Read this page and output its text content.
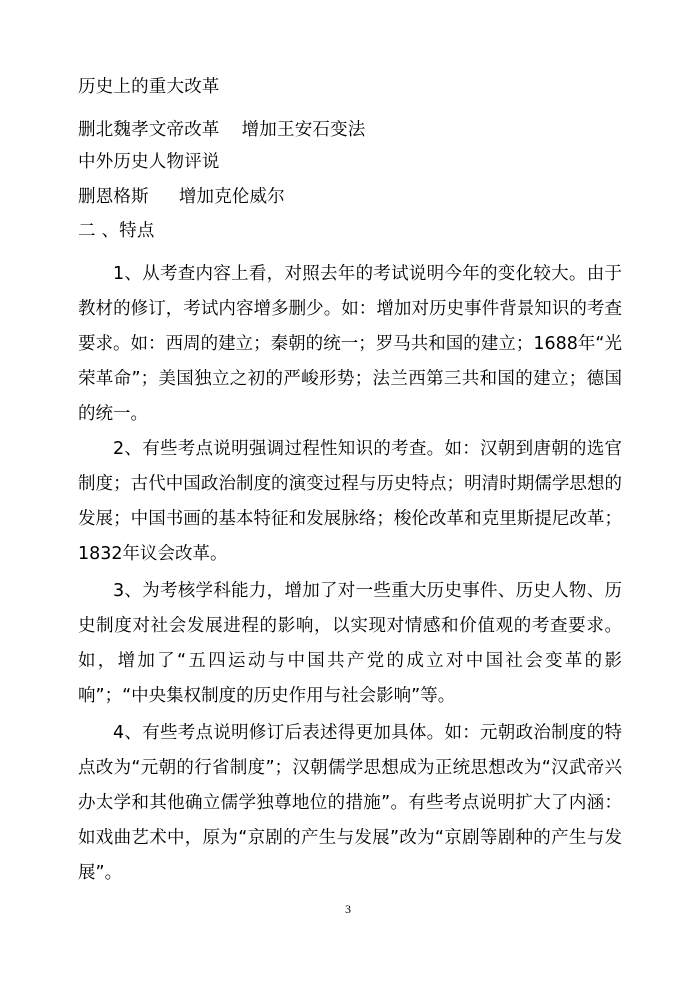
历史上的重大改革
删北魏孝文帝改革 增加王安石变法
中外历史人物评说
删恩格斯 增加克伦威尔
二 、特点
1、从考查内容上看，对照去年的考试说明今年的变化较大。由于教材的修订，考试内容增多删少。如：增加对历史事件背景知识的考查要求。如：西周的建立；秦朝的统一；罗马共和国的建立；1688年“光荣革命”；美国独立之初的严峻形势；法兰西第三共和国的建立；德国的统一。
2、有些考点说明强调过程性知识的考查。如：汉朝到唐朝的选官制度；古代中国政治制度的演变过程与历史特点；明清时期儒学思想的发展；中国书画的基本特征和发展脉络；梭伦改革和克里斯提尼改革；1832年议会改革。
3、为考核学科能力，增加了对一些重大历史事件、历史人物、历史制度对社会发展进程的影响，以实现对情感和价值观的考查要求。如，增加了“五四运动与中国共产党的成立对中国社会变革的影响”；“中央集权制度的历史作用与社会影响”等。
4、有些考点说明修订后表述得更加具体。如：元朝政治制度的特点改为“元朝的行省制度”；汉朝儒学思想成为正统思想改为“汉武帝兴办太学和其他确立儒学独尊地位的措施”。有些考点说明扩大了内涵：如戏曲艺术中，原为“京剧的产生与发展”改为“京剧等剧种的产生与发展”。
3
